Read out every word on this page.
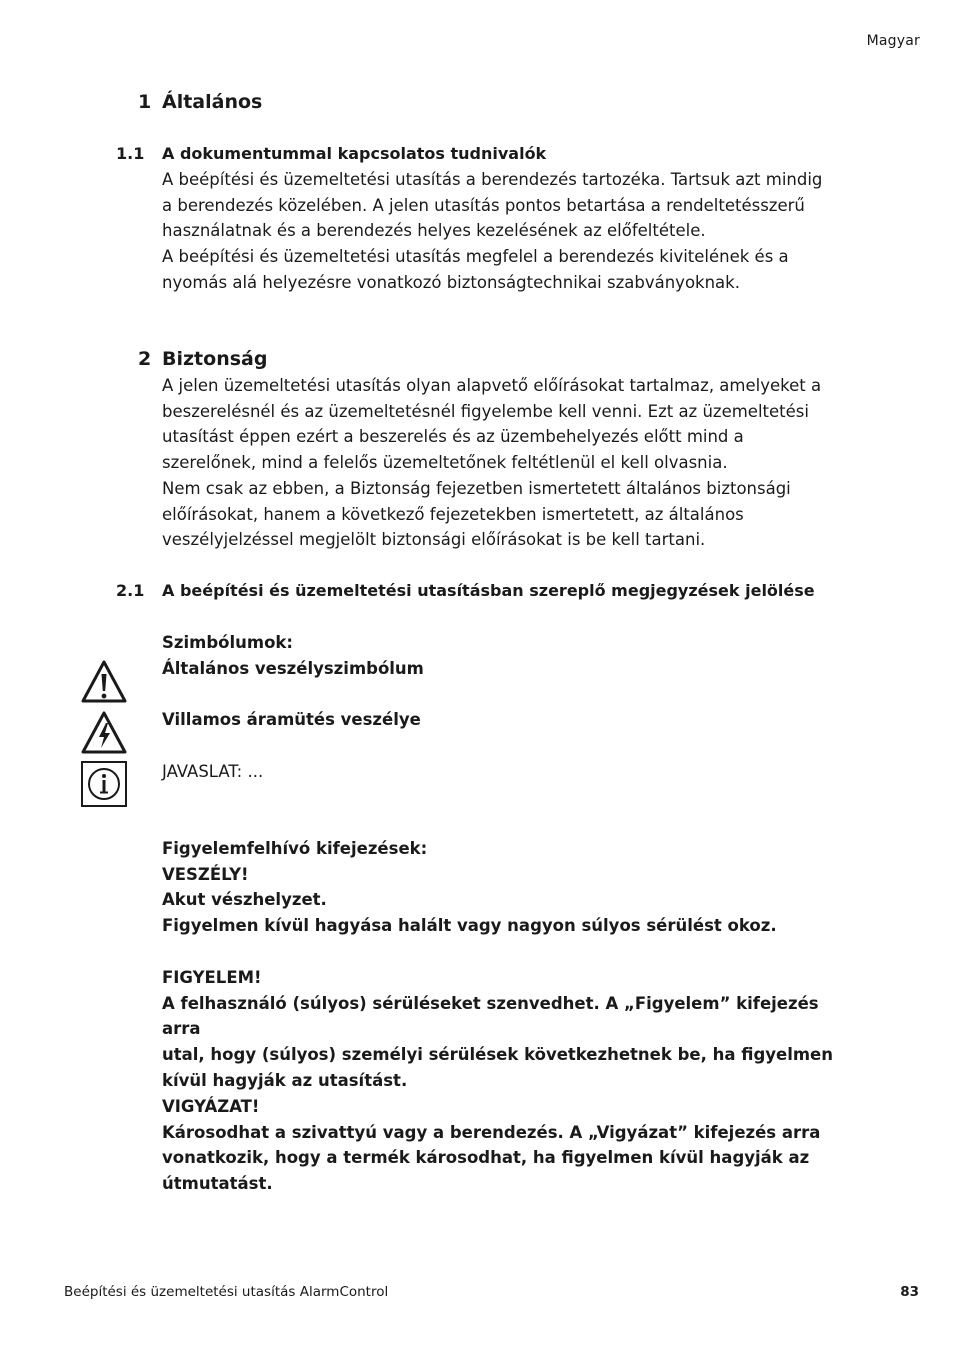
Magyar
1 Általános
1.1 A dokumentummal kapcsolatos tudnivalók
A beépítési és üzemeltetési utasítás a berendezés tartozéka. Tartsuk azt mindig
a berendezés közelében. A jelen utasítás pontos betartása a rendeltetésszerű
használatnak és a berendezés helyes kezelésének az előfeltétele.
A beépítési és üzemeltetési utasítás megfelel a berendezés kivitelének és a
nyomás alá helyezésre vonatkozó biztonságtechnikai szabványoknak.
2 Biztonság
A jelen üzemeltetési utasítás olyan alapvető előírásokat tartalmaz, amelyeket a
beszerelésnél és az üzemeltetésnél figyelembe kell venni. Ezt az üzemeltetési
utasítást éppen ezért a beszerelés és az üzembehelyezés előtt mind a
szerelőnek, mind a felelős üzemeltetőnek feltétlenül el kell olvasnia.
Nem csak az ebben, a Biztonság fejezetben ismertetett általános biztonsági
előírásokat, hanem a következő fejezetekben ismertetett, az általános
veszélyjelzéssel megjelölt biztonsági előírásokat is be kell tartani.
2.1 A beépítési és üzemeltetési utasításban szereplő megjegyzések jelölése
Szimbólumok:
Általános veszélyszimbólum
Villamos áramütés veszélye
JAVASLAT: ...
Figyelemfelhívó kifejezések:
VESZÉLY!
Akut vészhelyzet.
Figyelmen kívül hagyása halált vagy nagyon súlyos sérülést okoz.
FIGYELEM!
A felhasználó (súlyos) sérüléseket szenvedhet. A „Figyelem” kifejezés arra
utal, hogy (súlyos) személyi sérülések következhetnek be, ha figyelmen
kívül hagyják az utasítást.
VIGYÁZAT!
Károsodhat a szivattyú vagy a berendezés. A „Vigyázat” kifejezés arra
vonatkozik, hogy a termék károsodhat, ha figyelmen kívül hagyják az
útmutatást.
Beépítési és üzemeltetési utasítás AlarmControl	83
